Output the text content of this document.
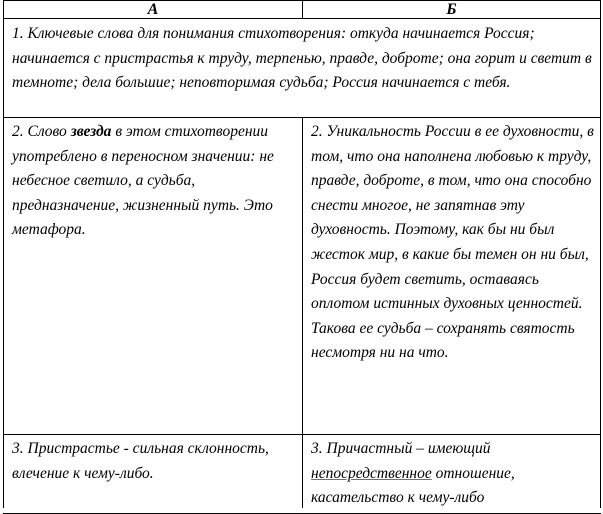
А	Б

1. Ключевые слова для понимания стихотворения: откуда начинается Россия; начинается с пристрастья к труду, терпенью, правде, доброте; она горит и светит в темноте; дела большие; неповторимая судьба; Россия начинается с тебя.	

2. Слово звезда в этом стихотворении употреблено в переносном значении: не небесное светило, а судьба, предназначение, жизненный путь. Это метафора.	2. Уникальность России в ее духовности, в том, что она наполнена любовью к труду, правде, доброте, в том, что она способно снести многое, не запятнав эту духовность. Поэтому, как бы ни был жесток мир, в какие бы темен он ни был, Россия будет светить, оставаясь оплотом истинных духовных ценностей. Такова ее судьба – сохранять святость несмотря ни на что.

3. Пристрастье - сильная склонность, влечение к чему-либо.	3. Причастный – имеющий непосредственное отношение, касательство к чему-либо
